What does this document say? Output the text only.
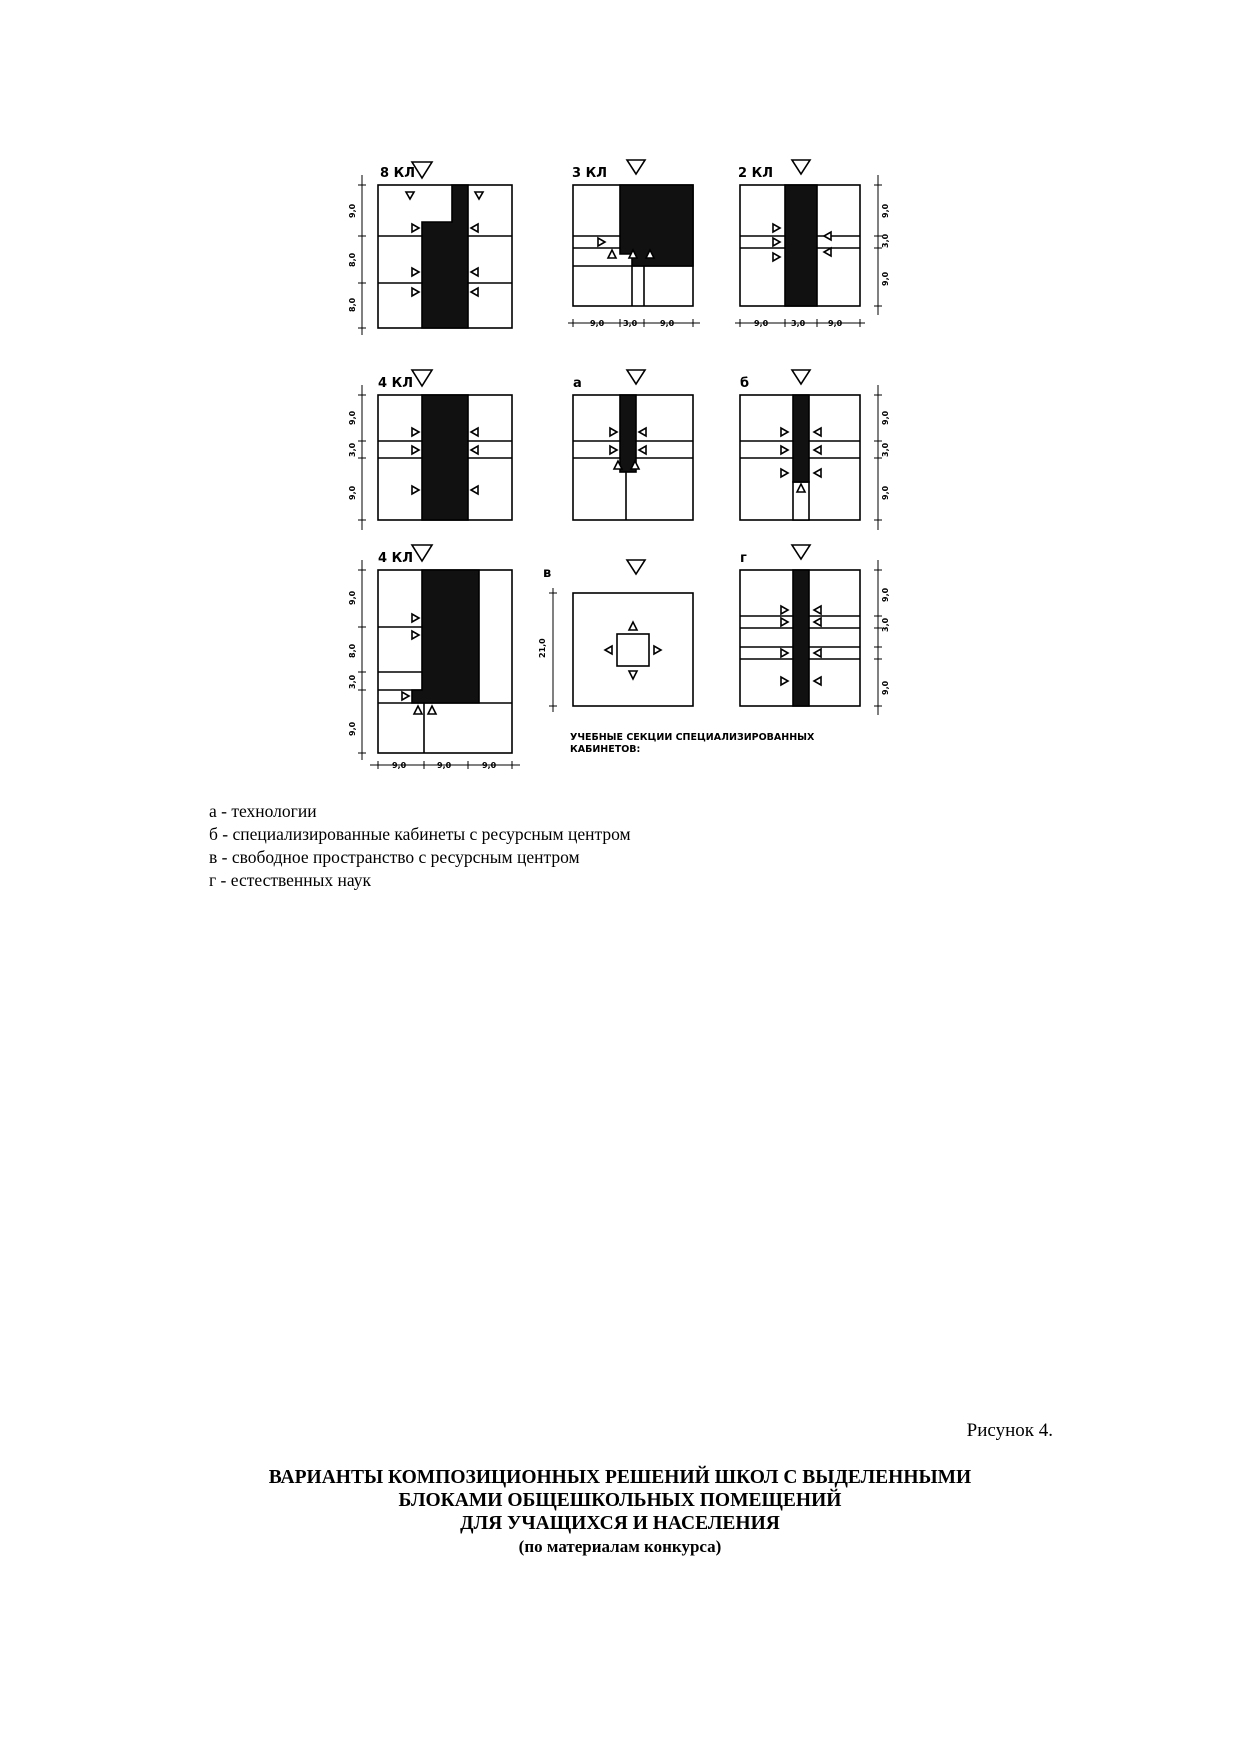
8 КЛ
9,0
8,0
8,0
3 КЛ
9,0 3,0	9,0
2 КЛ
9,0	3,0	9,0
9,0
3,0
9,0
4 КЛ
9,0
3,0
9,0
а	б
9,0
3,0
9,0
4 КЛ
9,0
8,0
3,0
9,0
9,0	9,0	9,0
в
21,0
г
9,0
3,0
9,0
УЧЕБНЫЕ СЕКЦИИ СПЕЦИАЛИЗИРОВАННЫХ
КАБИНЕТОВ:
а - технологии
б - специализированные кабинеты с ресурсным центром
в - свободное пространство с ресурсным центром
г - естественных наук
Рисунок 4.
ВАРИАНТЫ КОМПОЗИЦИОННЫХ РЕШЕНИЙ ШКОЛ С ВЫДЕЛЕННЫМИ
БЛОКАМИ ОБЩЕШКОЛЬНЫХ ПОМЕЩЕНИЙ
ДЛЯ УЧАЩИХСЯ И НАСЕЛЕНИЯ
(по материалам конкурса)
